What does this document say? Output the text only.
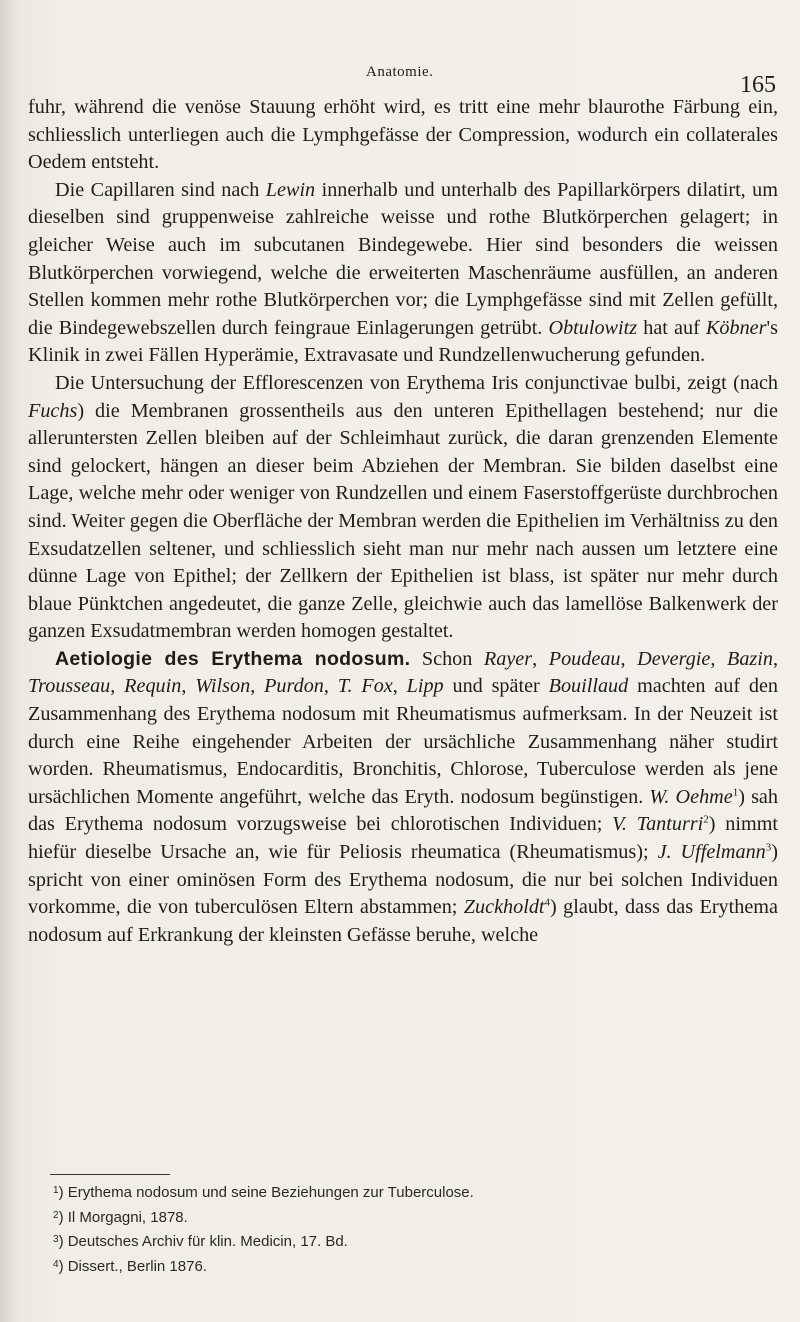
Anatomie.	165

fuhr, während die venöse Stauung erhöht wird, es tritt eine mehr blaurothe Färbung ein, schliesslich unterliegen auch die Lymphgefässe der Compression, wodurch ein collaterales Oedem entsteht.

Die Capillaren sind nach Lewin innerhalb und unterhalb des Papillarkörpers dilatirt, um dieselben sind gruppenweise zahlreiche weisse und rothe Blutkörperchen gelagert; in gleicher Weise auch im subcutanen Bindegewebe. Hier sind besonders die weissen Blutkörperchen vorwiegend, welche die erweiterten Maschenräume ausfüllen, an anderen Stellen kommen mehr rothe Blutkörperchen vor; die Lymphgefässe sind mit Zellen gefüllt, die Bindegewebszellen durch feingraue Einlagerungen getrübt. Obtulowitz hat auf Köbner's Klinik in zwei Fällen Hyperämie, Extravasate und Rundzellenwucherung gefunden.

Die Untersuchung der Efflorescenzen von Erythema Iris conjunctivae bulbi, zeigt (nach Fuchs) die Membranen grossentheils aus den unteren Epithellagen bestehend; nur die alleruntersten Zellen bleiben auf der Schleimhaut zurück, die daran grenzenden Elemente sind gelockert, hängen an dieser beim Abziehen der Membran. Sie bilden daselbst eine Lage, welche mehr oder weniger von Rundzellen und einem Faserstoffgerüste durchbrochen sind. Weiter gegen die Oberfläche der Membran werden die Epithelien im Verhältniss zu den Exsudatzellen seltener, und schliesslich sieht man nur mehr nach aussen um letztere eine dünne Lage von Epithel; der Zellkern der Epithelien ist blass, ist später nur mehr durch blaue Pünktchen angedeutet, die ganze Zelle, gleichwie auch das lamellöse Balkenwerk der ganzen Exsudatmembran werden homogen gestaltet.

Aetiologie des Erythema nodosum. Schon Rayer, Poudeau, Devergie, Bazin, Trousseau, Requin, Wilson, Purdon, T. Fox, Lipp und später Bouillaud machten auf den Zusammenhang des Erythema nodosum mit Rheumatismus aufmerksam. In der Neuzeit ist durch eine Reihe eingehender Arbeiten der ursächliche Zusammenhang näher studirt worden. Rheumatismus, Endocarditis, Bronchitis, Chlorose, Tuberculose werden als jene ursächlichen Momente angeführt, welche das Eryth. nodosum begünstigen. W. Oehme$^1$) sah das Erythema nodosum vorzugsweise bei chlorotischen Individuen; V. Tanturri$^2$) nimmt hiefür dieselbe Ursache an, wie für Peliosis rheumatica (Rheumatismus); J. Uffelmann$^3$) spricht von einer ominösen Form des Erythema nodosum, die nur bei solchen Individuen vorkomme, die von tuberculösen Eltern abstammen; Zuckholdt$^4$) glaubt, dass das Erythema nodosum auf Erkrankung der kleinsten Gefässe beruhe, welche

$^1$) Erythema nodosum und seine Beziehungen zur Tuberculose.
$^2$) Il Morgagni, 1878.
$^3$) Deutsches Archiv für klin. Medicin, 17. Bd.
$^4$) Dissert., Berlin 1876.
